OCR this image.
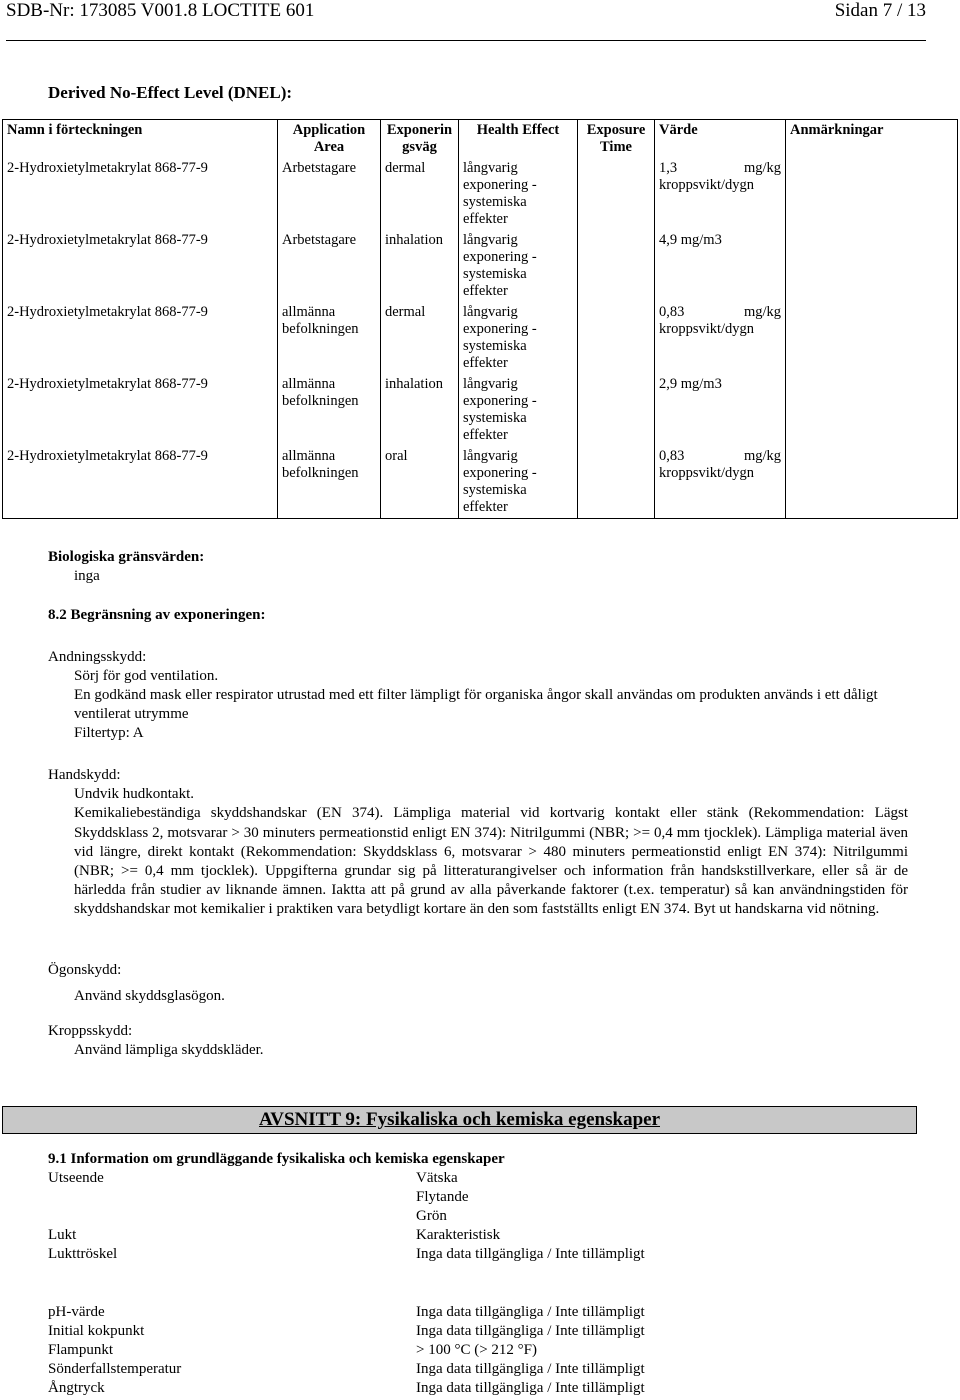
SDB-Nr: 173085 V001.8 LOCTITE 601	Sidan 7 / 13
Derived No-Effect Level (DNEL):
Namn i förteckningen	Application Area	Exponerin gsväg	Health Effect	Exposure Time	Värde	Anmärkningar
2-Hydroxietylmetakrylat 868-77-9	Arbetstagare	dermal	långvarig exponering - systemiska effekter		1,3 mg/kg
kroppsvikt/dygn	

2-Hydroxietylmetakrylat 868-77-9	Arbetstagare	inhalation	långvarig exponering - systemiska effekter		4,9 mg/m3	

2-Hydroxietylmetakrylat 868-77-9	allmänna befolkningen	dermal	långvarig exponering - systemiska effekter		0,83 mg/kg
kroppsvikt/dygn	

2-Hydroxietylmetakrylat 868-77-9	allmänna befolkningen	inhalation	långvarig exponering - systemiska effekter		2,9 mg/m3	

2-Hydroxietylmetakrylat 868-77-9	allmänna befolkningen	oral	långvarig exponering - systemiska effekter		0,83 mg/kg
kroppsvikt/dygn	

Biologiska gränsvärden:
inga
8.2 Begränsning av exponeringen:

Andningsskydd:

Sörj för god ventilation.

En godkänd mask eller respirator utrustad med ett filter lämpligt för organiska ångor skall användas om produkten används i ett dåligt ventilerat utrymme

Filtertyp: A

Handskydd:

Undvik hudkontakt.

Kemikaliebeständiga skyddshandskar (EN 374). Lämpliga material vid kortvarig kontakt eller stänk (Rekommendation: Lägst Skyddsklass 2, motsvarar > 30 minuters permeationstid enligt EN 374): Nitrilgummi (NBR; >= 0,4 mm tjocklek). Lämpliga material även vid längre, direkt kontakt (Rekommendation: Skyddsklass 6, motsvarar > 480 minuters permeationstid enligt EN 374): Nitrilgummi (NBR; >= 0,4 mm tjocklek). Uppgifterna grundar sig på litteraturangivelser och information från handskstillverkare, eller så är de härledda från studier av liknande ämnen. Iaktta att på grund av alla påverkande faktorer (t.ex. temperatur) så kan användningstiden för skyddshandskar mot kemikalier i praktiken vara betydligt kortare än den som fastställts enligt EN 374. Byt ut handskarna vid nötning.

Ögonskydd:

Använd skyddsglasögon.

Kroppsskydd:

Använd lämpliga skyddskläder.

AVSNITT 9: Fysikaliska och kemiska egenskaper
9.1 Information om grundläggande fysikaliska och kemiska egenskaper
Utseende	Vätska
Flytande
Grön
Lukt	Karakteristisk
Lukttröskel	Inga data tillgängliga / Inte tillämpligt
pH-värde	Inga data tillgängliga / Inte tillämpligt
Initial kokpunkt	Inga data tillgängliga / Inte tillämpligt
Flampunkt	> 100 °C (> 212 °F)
Sönderfallstemperatur	Inga data tillgängliga / Inte tillämpligt
Ångtryck	Inga data tillgängliga / Inte tillämpligt
